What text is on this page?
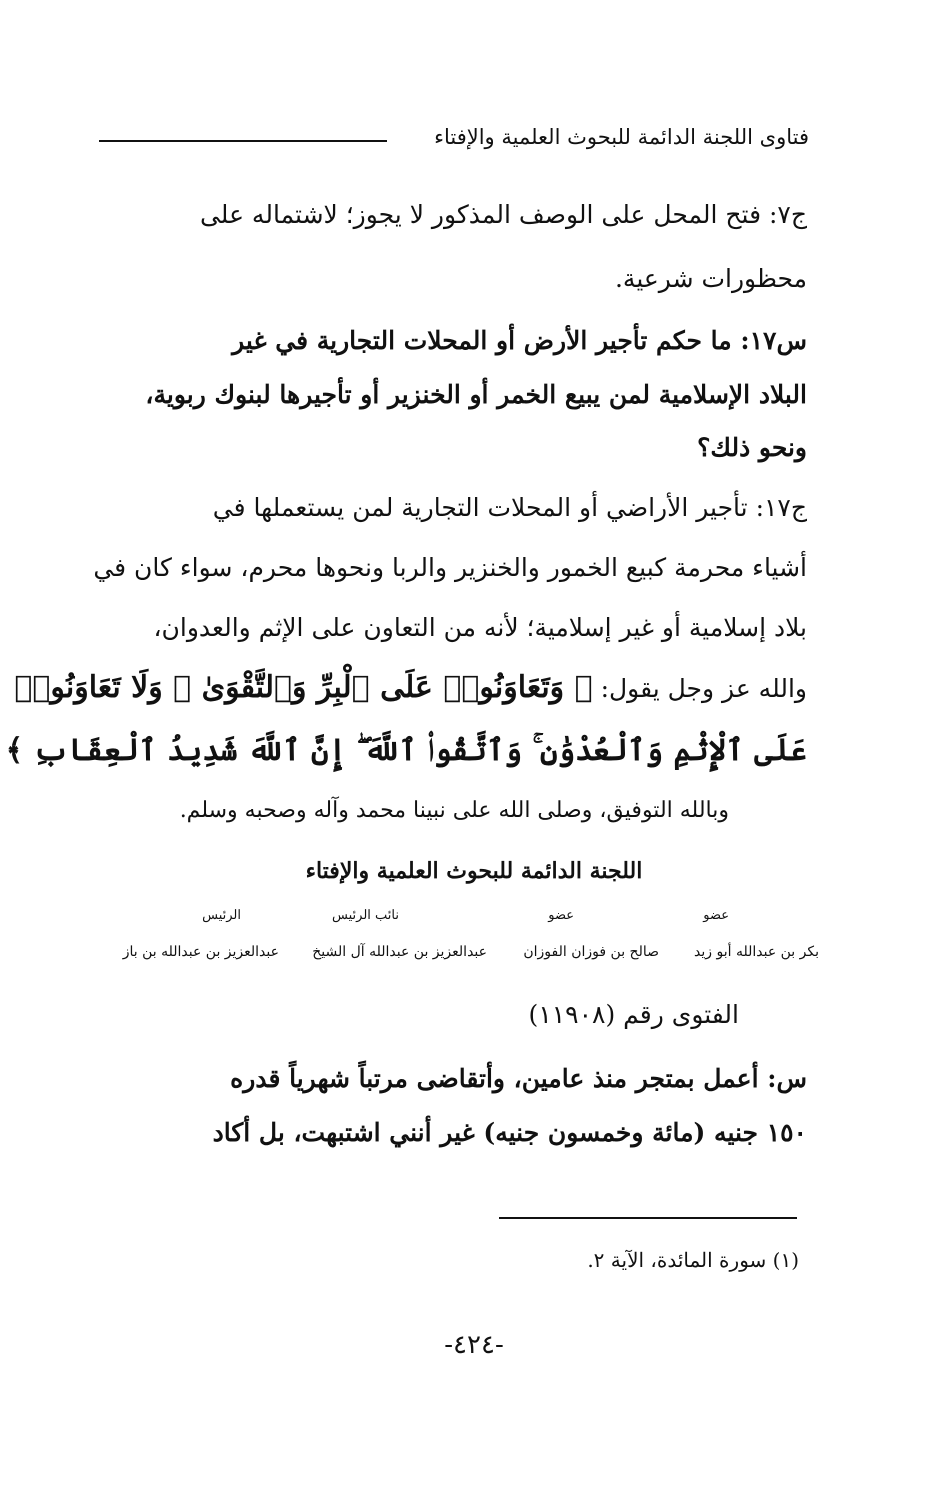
فتاوى اللجنة الدائمة للبحوث العلمية والإفتاء
ج٧: فتح المحل على الوصف المذكور لا يجوز؛ لاشتماله على
محظورات شرعية.
س١٧: ما حكم تأجير الأرض أو المحلات التجارية في غير
البلاد الإسلامية لمن يبيع الخمر أو الخنزير أو تأجيرها لبنوك ربوية،
ونحو ذلك؟
ج١٧: تأجير الأراضي أو المحلات التجارية لمن يستعملها في
أشياء محرمة كبيع الخمور والخنزير والربا ونحوها محرم، سواء كان في
بلاد إسلامية أو غير إسلامية؛ لأنه من التعاون على الإثم والعدوان،
والله عز وجل يقول: ﴿ وَتَعَاوَنُوا۟ عَلَى ٱلْبِرِّ وَٱلتَّقْوَىٰ ۖ وَلَا تَعَاوَنُوا۟
عَلَى ٱلْإِثْمِ وَٱلْعُدْوَٰنِ ۚ وَٱتَّقُوا۟ ٱللَّهَ ۖ إِنَّ ٱللَّهَ شَدِيدُ ٱلْعِقَابِ ﴾
وبالله التوفيق، وصلى الله على نبينا محمد وآله وصحبه وسلم.
اللجنة الدائمة للبحوث العلمية والإفتاء
عضو
عضو
نائب الرئيس
الرئيس
بكر بن عبدالله أبو زيد
صالح بن فوزان الفوزان
عبدالعزيز بن عبدالله آل الشيخ
عبدالعزيز بن عبدالله بن باز
الفتوى رقم (١١٩٠٨)
س: أعمل بمتجر منذ عامين، وأتقاضى مرتباً شهرياً قدره
١٥٠ جنيه (مائة وخمسون جنيه) غير أنني اشتبهت، بل أكاد
(١) سورة المائدة، الآية ٢.
-٤٢٤-
